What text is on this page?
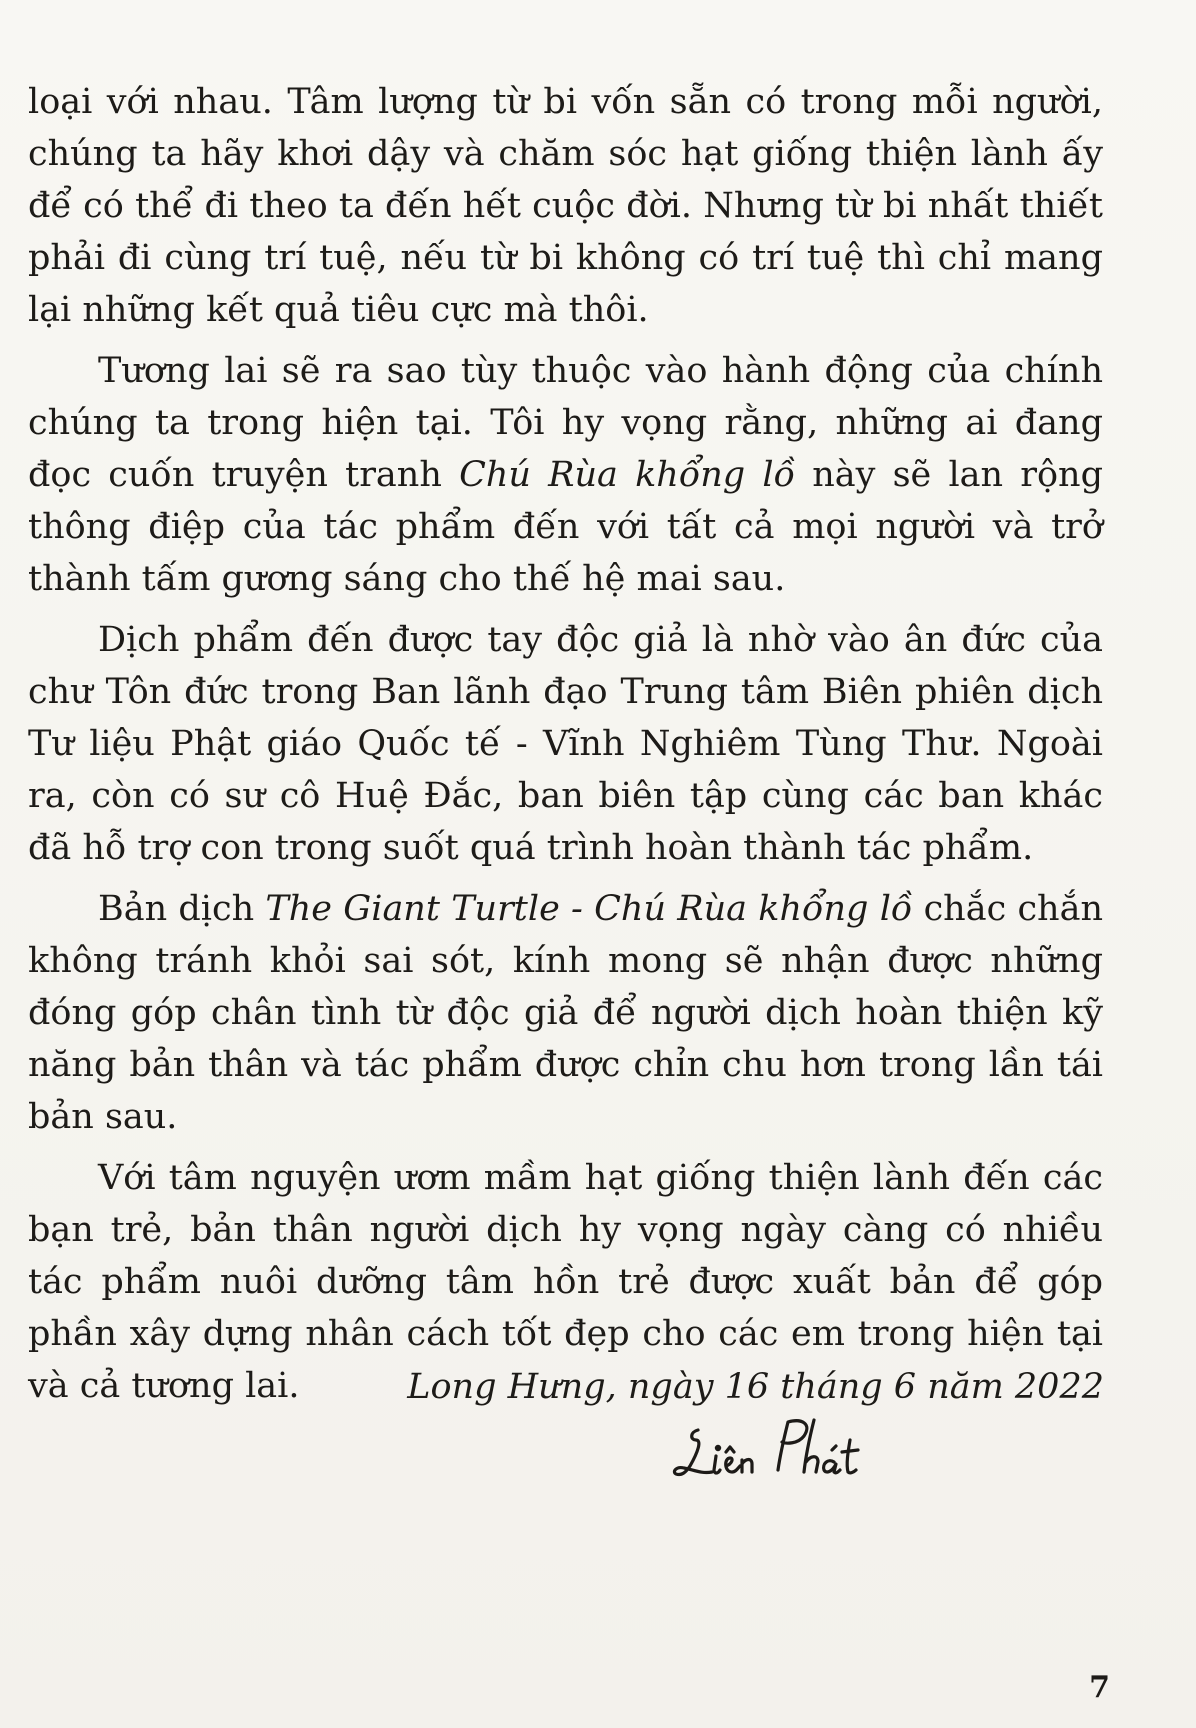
loại với nhau. Tâm lượng từ bi vốn sẵn có trong mỗi người, chúng ta hãy khơi dậy và chăm sóc hạt giống thiện lành ấy để có thể đi theo ta đến hết cuộc đời. Nhưng từ bi nhất thiết phải đi cùng trí tuệ, nếu từ bi không có trí tuệ thì chỉ mang lại những kết quả tiêu cực mà thôi.

Tương lai sẽ ra sao tùy thuộc vào hành động của chính chúng ta trong hiện tại. Tôi hy vọng rằng, những ai đang đọc cuốn truyện tranh Chú Rùa khổng lồ này sẽ lan rộng thông điệp của tác phẩm đến với tất cả mọi người và trở thành tấm gương sáng cho thế hệ mai sau.

Dịch phẩm đến được tay độc giả là nhờ vào ân đức của chư Tôn đức trong Ban lãnh đạo Trung tâm Biên phiên dịch Tư liệu Phật giáo Quốc tế - Vĩnh Nghiêm Tùng Thư. Ngoài ra, còn có sư cô Huệ Đắc, ban biên tập cùng các ban khác đã hỗ trợ con trong suốt quá trình hoàn thành tác phẩm.

Bản dịch The Giant Turtle - Chú Rùa khổng lồ chắc chắn không tránh khỏi sai sót, kính mong sẽ nhận được những đóng góp chân tình từ độc giả để người dịch hoàn thiện kỹ năng bản thân và tác phẩm được chỉn chu hơn trong lần tái bản sau.

Với tâm nguyện ươm mầm hạt giống thiện lành đến các bạn trẻ, bản thân người dịch hy vọng ngày càng có nhiều tác phẩm nuôi dưỡng tâm hồn trẻ được xuất bản để góp phần xây dựng nhân cách tốt đẹp cho các em trong hiện tại và cả tương lai.	Long Hưng, ngày 16 tháng 6 năm 2022
7
